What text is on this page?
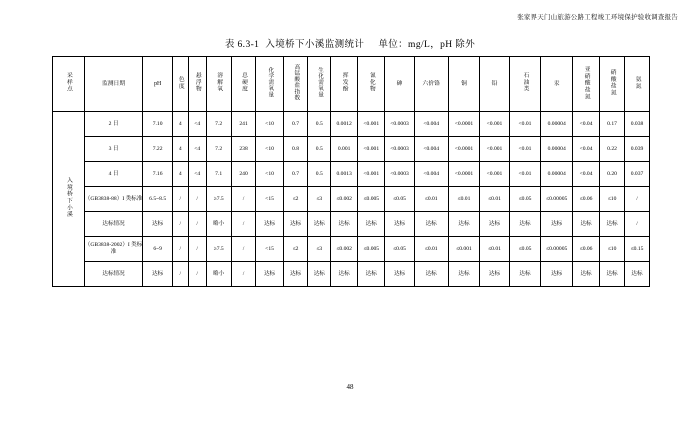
张家界天门山旅游公路工程竣工环境保护验收调查报告
表 6.3-1 入境桥下小溪监测统计 单位：mg/L，pH 除外
采样点	监测日期	pH	色度	悬浮物	溶解氧	总硬度	化学需氧量	高锰酸盐指数	生化需氧量	挥发酚	氰化物	砷	六价铬	铜	铅	石油类	汞	亚硝酸盐氮	硝酸盐氮	氨氮
入境桥下小溪	2 日	7.10	4	<4	7.2	241	<10	0.7	0.5	0.0012	<0.001	<0.0003	<0.004	<0.0001	<0.001	<0.01	0.00004	<0.04	0.17	0.038
	3 日	7.22	4	<4	7.2	238	<10	0.8	0.5	0.001	<0.001	<0.0003	<0.004	<0.0001	<0.001	<0.01	0.00004	<0.04	0.22	0.039
	4 日	7.16	4	<4	7.1	240	<10	0.7	0.5	0.0013	<0.001	<0.0003	<0.004	<0.0001	<0.001	<0.01	0.00004	<0.04	0.20	0.037
	（GB3838-88）I 类标准	6.5~8.5	/	/	≥7.5	/	<15	≤2	≤3	≤0.002	≤0.005	≤0.05	≤0.01	≤0.01	≤0.01	≤0.05	≤0.00005	≤0.06	≤10	/
	达标情况	达标	/	/	略小	/	达标	达标	达标	达标	达标	达标	达标	达标	达标	达标	达标	达标	达标	/
	（GB3838-2002）I 类标准	6~9	/	/	≥7.5	/	<15	≤2	≤3	≤0.002	≤0.005	≤0.05	≤0.01	≤0.001	≤0.01	≤0.05	≤0.00005	≤0.06	≤10	≤0.15
	达标情况	达标	/	/	略小	/	达标	达标	达标	达标	达标	达标	达标	达标	达标	达标	达标	达标	达标	达标
48
